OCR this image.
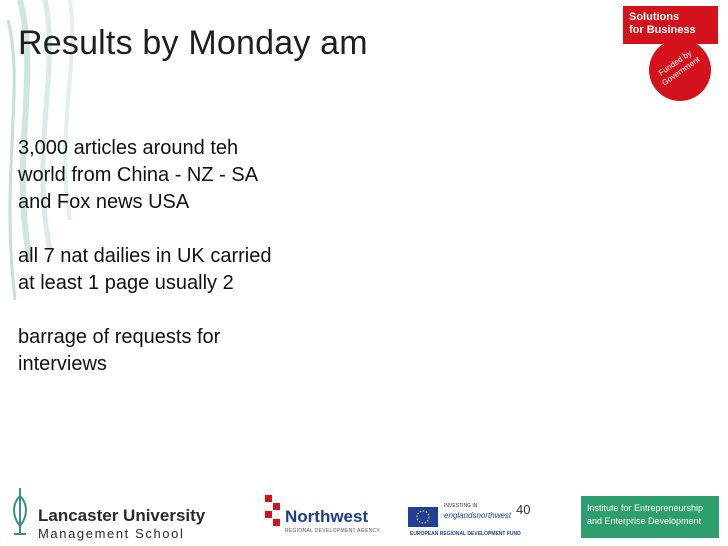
Results by Monday am

3,000 articles around teh
world from China - NZ - SA
and Fox news USA

all 7 nat dailies in UK carried
at least 1 page usually 2

barrage of requests for
interviews

Solutions
for Business
Funded by Government
Lancaster University
Management School
Northwest
REGIONAL DEVELOPMENT AGENCY
INVESTING IN
englandsnorthwest
EUROPEAN REGIONAL DEVELOPMENT FUND
40	Institute for Entrepreneurship
and Enterprise Development
